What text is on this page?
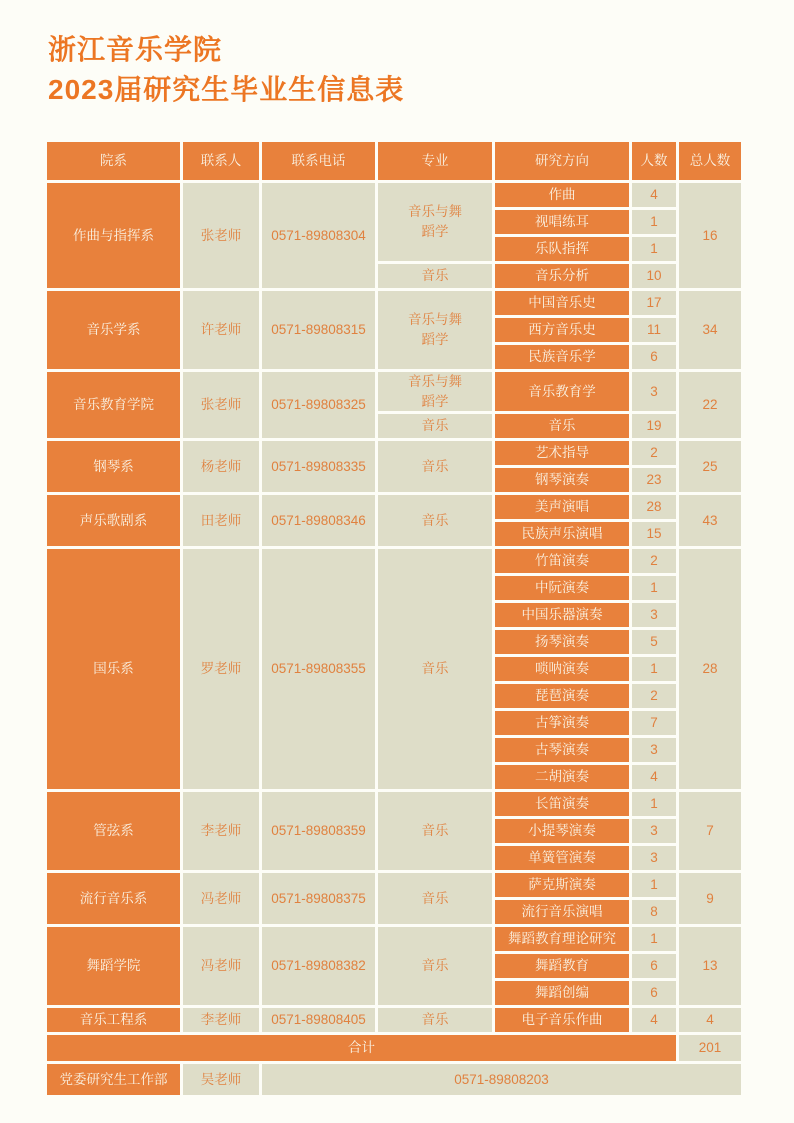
浙江音乐学院
2023届研究生毕业生信息表
院系	联系人	联系电话	专业	研究方向	人数	总人数
作曲与指挥系	张老师	0571-89808304	音乐与舞蹈学	作曲	4	16
				视唱练耳	1	
				乐队指挥	1	
			音乐	音乐分析	10	
音乐学系	许老师	0571-89808315	音乐与舞蹈学	中国音乐史	17	34
				西方音乐史	11	
				民族音乐学	6	
音乐教育学院	张老师	0571-89808325	音乐与舞蹈学	音乐教育学	3	22
			音乐	音乐	19	
钢琴系	杨老师	0571-89808335	音乐	艺术指导	2	25
				钢琴演奏	23	
声乐歌剧系	田老师	0571-89808346	音乐	美声演唱	28	43
				民族声乐演唱	15	
国乐系	罗老师	0571-89808355	音乐	竹笛演奏	2	28
				中阮演奏	1	
				中国乐器演奏	3	
				扬琴演奏	5	
				唢呐演奏	1	
				琵琶演奏	2	
				古筝演奏	7	
				古琴演奏	3	
				二胡演奏	4	
管弦系	李老师	0571-89808359	音乐	长笛演奏	1	7
				小提琴演奏	3	
				单簧管演奏	3	
流行音乐系	冯老师	0571-89808375	音乐	萨克斯演奏	1	9
				流行音乐演唱	8	
舞蹈学院	冯老师	0571-89808382	音乐	舞蹈教育理论研究	1	13
				舞蹈教育	6	
				舞蹈创编	6	
音乐工程系	李老师	0571-89808405	音乐	电子音乐作曲	4	4
合计						201
党委研究生工作部	吴老师	0571-89808203				
